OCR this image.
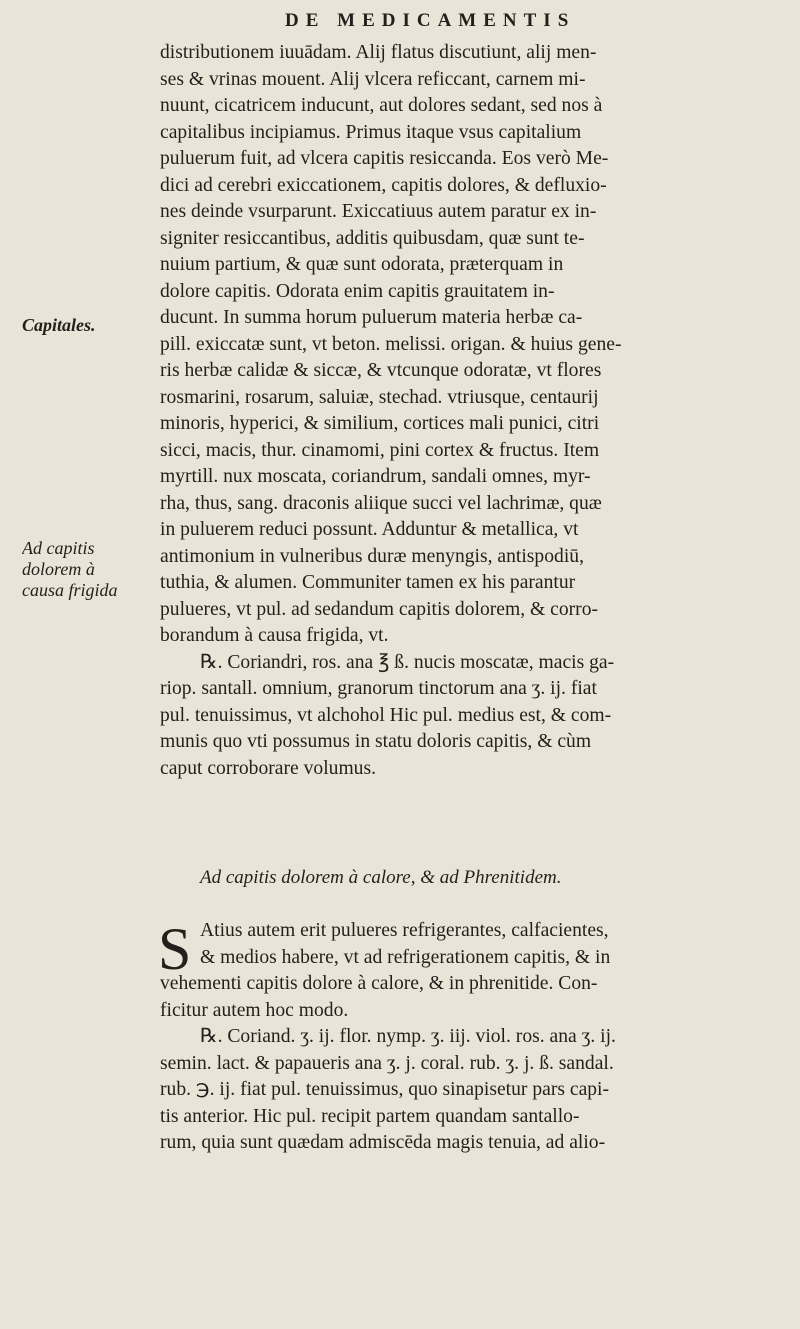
DE MEDICAMENTIS
Capitales.
Ad capitis
dolorem à
causa frigida
distributionem iuuādam. Alij flatus discutiunt, alij men-
ses & vrinas mouent. Alij vlcera reficcant, carnem mi-
nuunt, cicatricem inducunt, aut dolores sedant, sed nos à
capitalibus incipiamus. Primus itaque vsus capitalium
puluerum fuit, ad vlcera capitis resiccanda. Eos verò Me-
dici ad cerebri exiccationem, capitis dolores, & defluxio-
nes deinde vsurparunt. Exiccatiuus autem paratur ex in-
signiter resiccantibus, additis quibusdam, quæ sunt te-
nuium partium, & quæ sunt odorata, præterquam in
dolore capitis. Odorata enim capitis grauitatem in-
ducunt. In summa horum puluerum materia herbæ ca-
pill. exiccatæ sunt, vt beton. melissi. origan. & huius gene-
ris herbæ calidæ & siccæ, & vtcunque odoratæ, vt flores
rosmarini, rosarum, saluiæ, stechad. vtriusque, centaurij
minoris, hyperici, & similium, cortices mali punici, citri
sicci, macis, thur. cinamomi, pini cortex & fructus. Item
myrtill. nux moscata, coriandrum, sandali omnes, myr-
rha, thus, sang. draconis aliique succi vel lachrimæ, quæ
in puluerem reduci possunt. Adduntur & metallica, vt
antimonium in vulneribus duræ menyngis, antispodiū,
tuthia, & alumen. Communiter tamen ex his parantur
pulueres, vt pul. ad sedandum capitis dolorem, & corro-
borandum à causa frigida, vt.
℞. Coriandri, ros. ana ℥ ß. nucis moscatæ, macis ga-
riop. santall. omnium, granorum tinctorum ana ʒ. ij. fiat
pul. tenuissimus, vt alchohol Hic pul. medius est, & com-
munis quo vti possumus in statu doloris capitis, & cùm
caput corroborare volumus.
Ad capitis dolorem à calore, & ad Phrenitidem.
S Atius autem erit pulueres refrigerantes, calfacientes,
& medios habere, vt ad refrigerationem capitis, & in
vehementi capitis dolore à calore, & in phrenitide. Con-
ficitur autem hoc modo.
℞. Coriand. ʒ. ij. flor. nymp. ʒ. iij. viol. ros. ana ʒ. ij.
semin. lact. & papaueris ana ʒ. j. coral. rub. ʒ. j. ß. sandal.
rub. ℈. ij. fiat pul. tenuissimus, quo sinapisetur pars capi-
tis anterior. Hic pul. recipit partem quandam santallo-
rum, quia sunt quædam admiscēda magis tenuia, ad alio-
